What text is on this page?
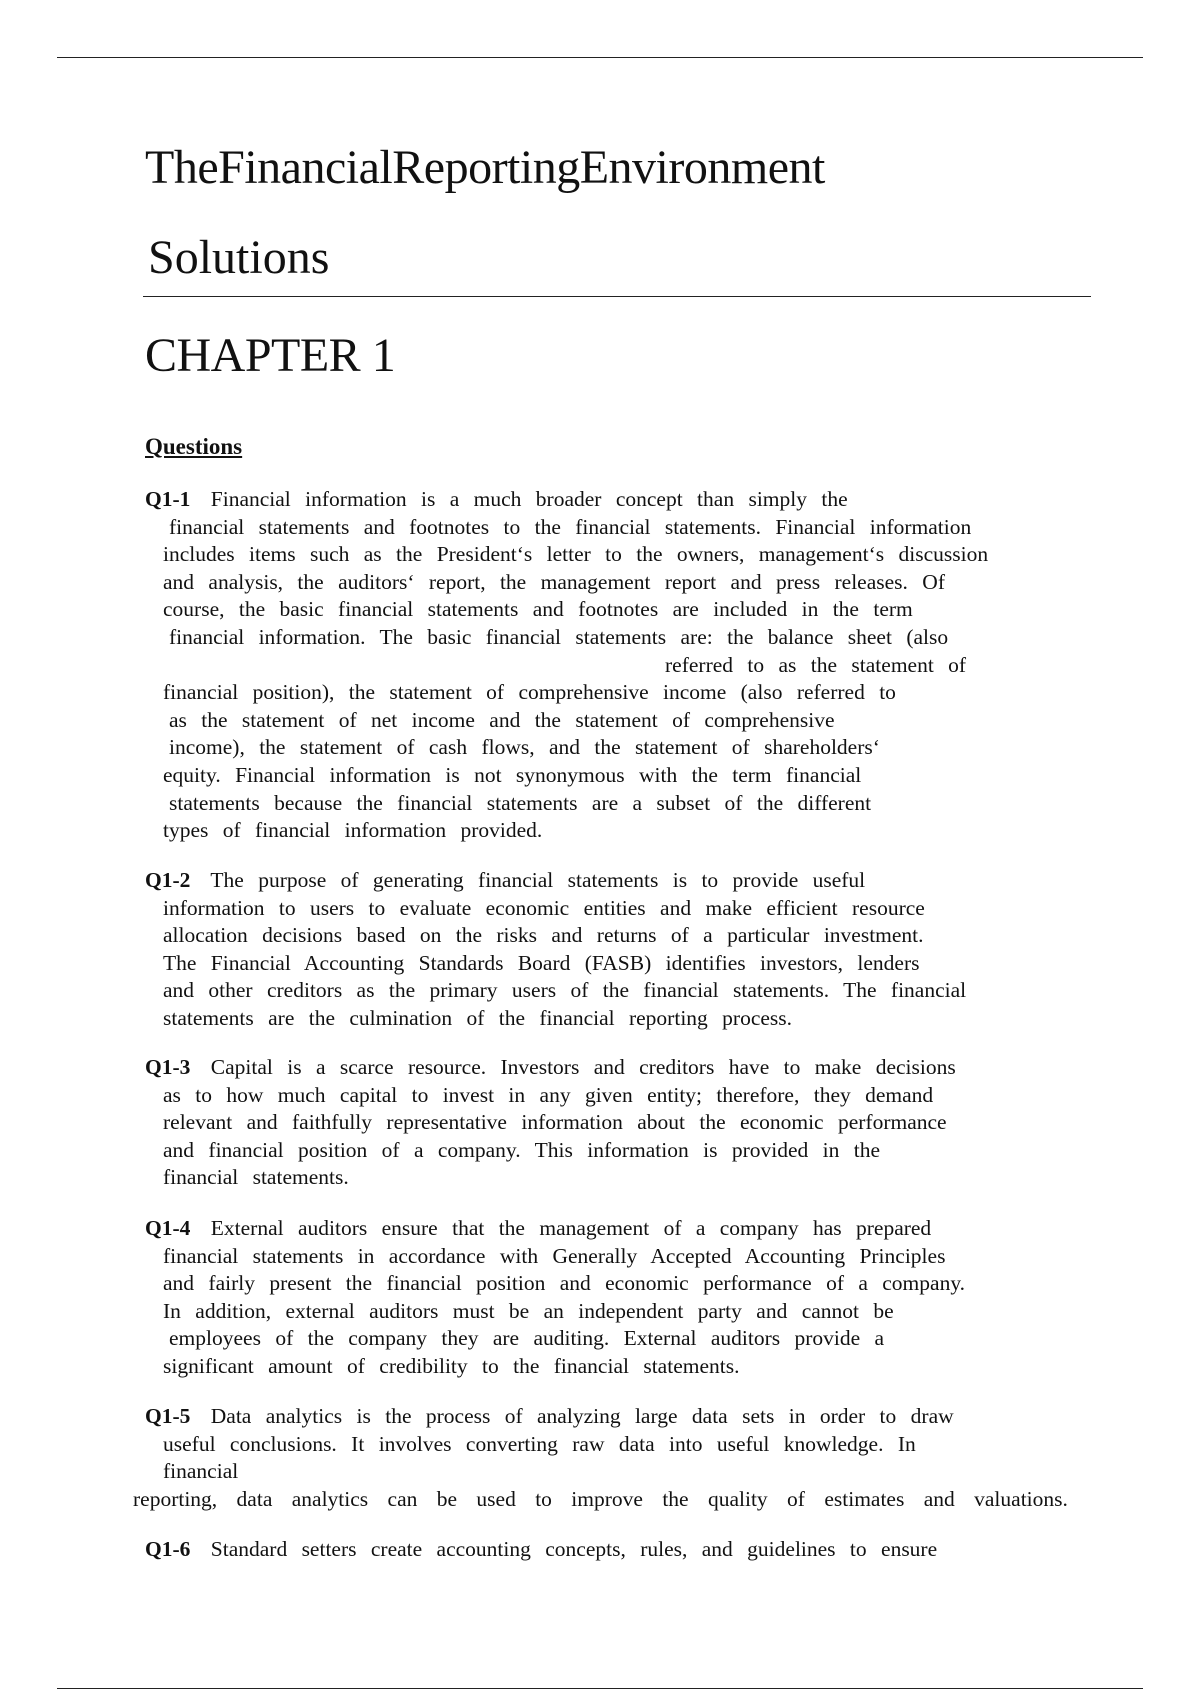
TheFinancialReportingEnvironment
Solutions
CHAPTER 1
Questions
Q1-1 Financial information is a much broader concept than simply the
financial statements and footnotes to the financial statements. Financial information
includes items such as the President‘s letter to the owners, management‘s discussion
and analysis, the auditors‘ report, the management report and press releases. Of
course, the basic financial statements and footnotes are included in the term
financial information. The basic financial statements are: the balance sheet (also
referred to as the statement of
financial position), the statement of comprehensive income (also referred to
as the statement of net income and the statement of comprehensive
income), the statement of cash flows, and the statement of shareholders‘
equity. Financial information is not synonymous with the term financial
statements because the financial statements are a subset of the different
types of financial information provided.
Q1-2 The purpose of generating financial statements is to provide useful
information to users to evaluate economic entities and make efficient resource
allocation decisions based on the risks and returns of a particular investment.
The Financial Accounting Standards Board (FASB) identifies investors, lenders
and other creditors as the primary users of the financial statements. The financial
statements are the culmination of the financial reporting process.
Q1-3 Capital is a scarce resource. Investors and creditors have to make decisions
as to how much capital to invest in any given entity; therefore, they demand
relevant and faithfully representative information about the economic performance
and financial position of a company. This information is provided in the
financial statements.
Q1-4 External auditors ensure that the management of a company has prepared
financial statements in accordance with Generally Accepted Accounting Principles
and fairly present the financial position and economic performance of a company.
In addition, external auditors must be an independent party and cannot be
employees of the company they are auditing. External auditors provide a
significant amount of credibility to the financial statements.
Q1-5 Data analytics is the process of analyzing large data sets in order to draw
useful conclusions. It involves converting raw data into useful knowledge. In
financial
reporting, data analytics can be used to improve the quality of estimates and valuations.
Q1-6 Standard setters create accounting concepts, rules, and guidelines to ensure
